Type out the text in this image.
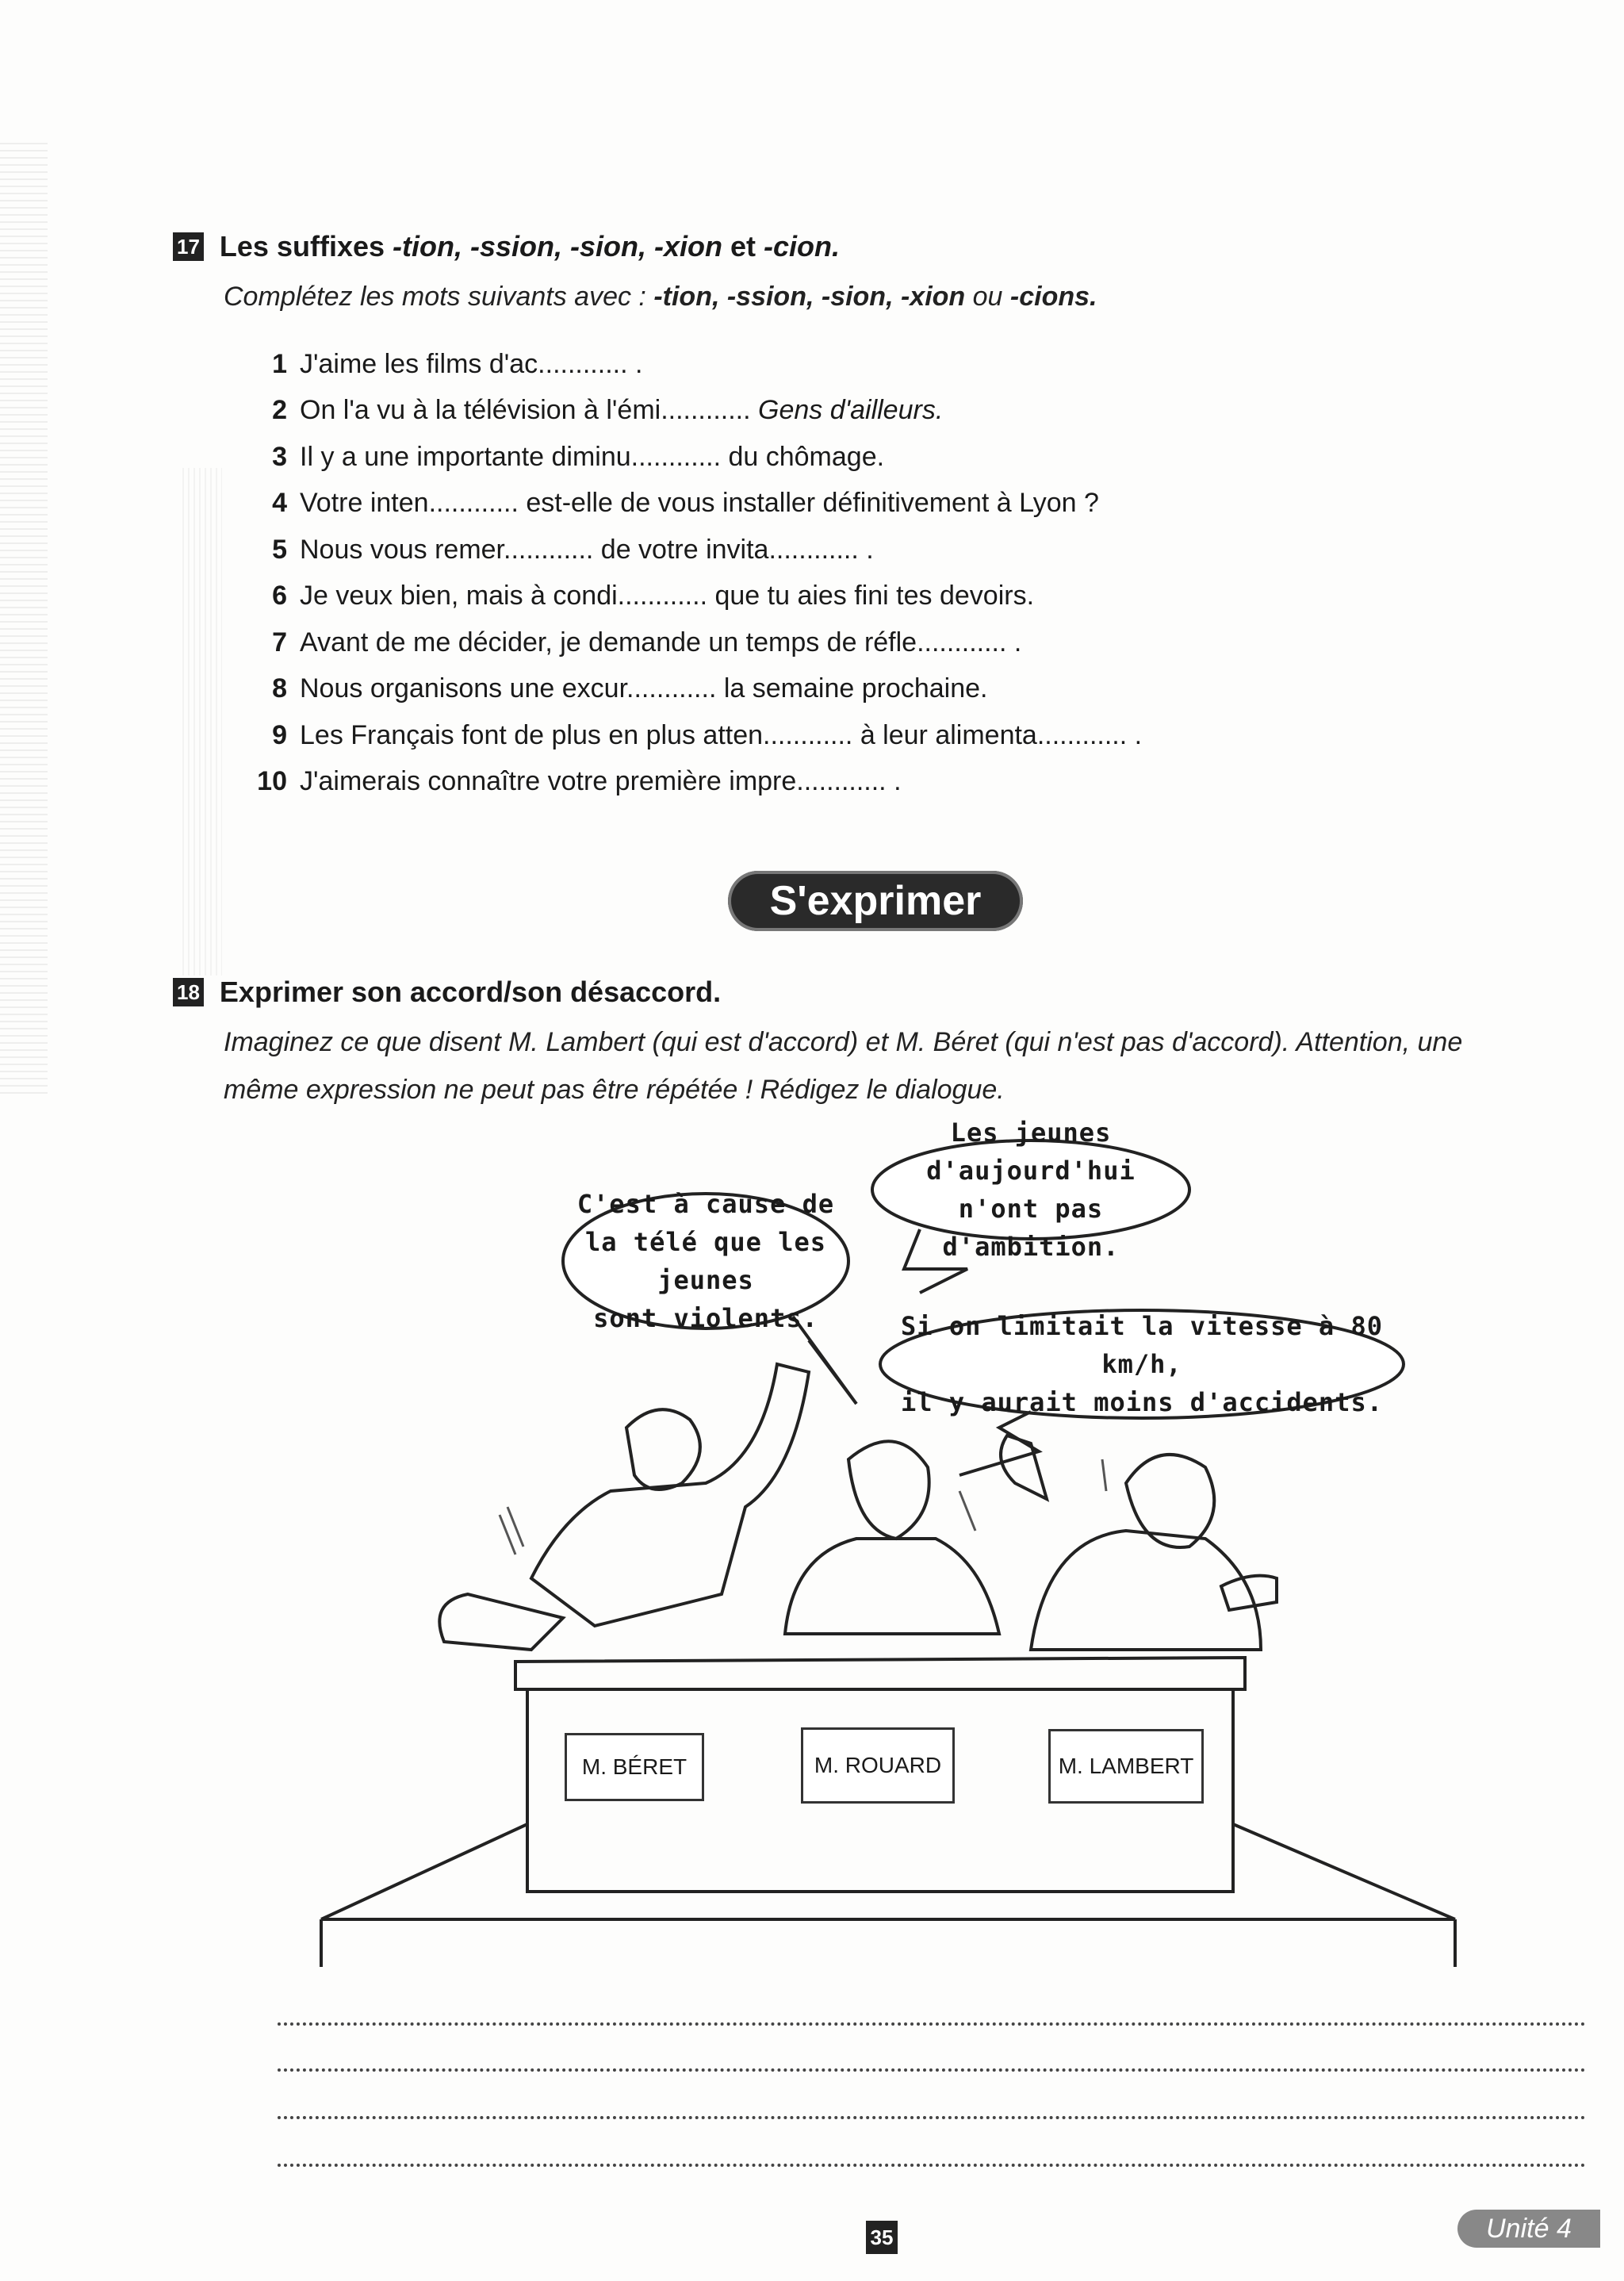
17 Les suffixes -tion, -ssion, -sion, -xion et -cion.
Complétez les mots suivants avec : -tion, -ssion, -sion, -xion ou -cions.
1 J'aime les films d'ac............ .
2 On l'a vu à la télévision à l'émi............ Gens d'ailleurs.
3 Il y a une importante diminu............ du chômage.
4 Votre inten............ est-elle de vous installer définitivement à Lyon ?
5 Nous vous remer............ de votre invita............ .
6 Je veux bien, mais à condi............ que tu aies fini tes devoirs.
7 Avant de me décider, je demande un temps de réfle............ .
8 Nous organisons une excur............ la semaine prochaine.
9 Les Français font de plus en plus atten............ à leur alimenta............ .
10 J'aimerais connaître votre première impre............ .
S'exprimer
18 Exprimer son accord/son désaccord.
Imaginez ce que disent M. Lambert (qui est d'accord) et M. Béret (qui n'est pas d'accord). Attention, une
même expression ne peut pas être répétée ! Rédigez le dialogue.
C'est à cause de
la télé que les jeunes
sont violents.
Les jeunes d'aujourd'hui
n'ont pas d'ambition.
Si on limitait la vitesse à 80 km/h,
il y aurait moins d'accidents.
M. BÉRET	M. ROUARD	M. LAMBERT
35	Unité 4
